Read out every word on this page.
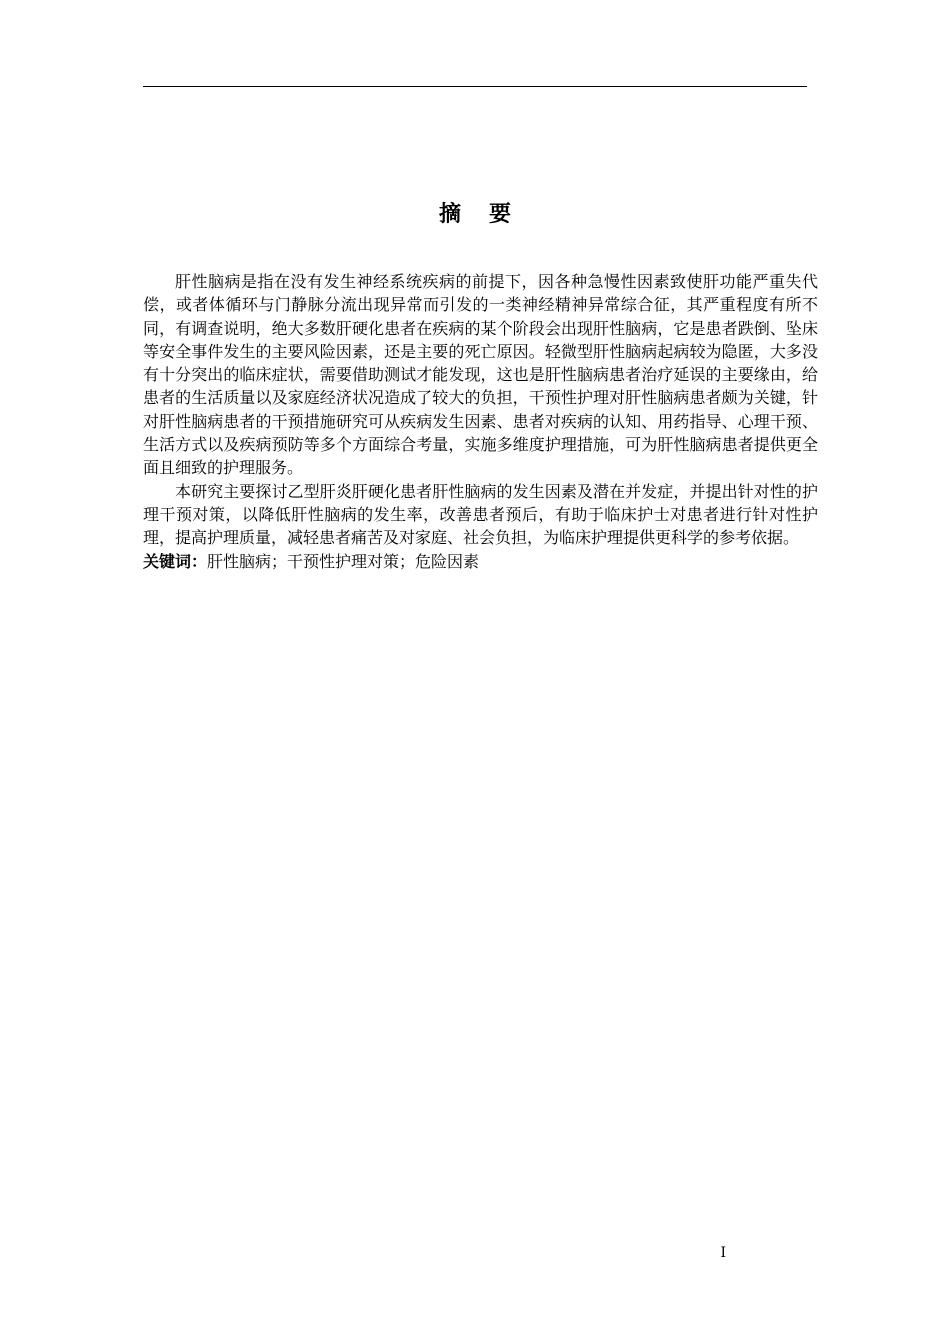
摘要

肝性脑病是指在没有发生神经系统疾病的前提下，因各种急慢性因素致使肝功能严重失代偿，或者体循环与门静脉分流出现异常而引发的一类神经精神异常综合征，其严重程度有所不同，有调查说明，绝大多数肝硬化患者在疾病的某个阶段会出现肝性脑病，它是患者跌倒、坠床等安全事件发生的主要风险因素，还是主要的死亡原因。轻微型肝性脑病起病较为隐匿，大多没有十分突出的临床症状，需要借助测试才能发现，这也是肝性脑病患者治疗延误的主要缘由，给患者的生活质量以及家庭经济状况造成了较大的负担，干预性护理对肝性脑病患者颇为关键，针对肝性脑病患者的干预措施研究可从疾病发生因素、患者对疾病的认知、用药指导、心理干预、生活方式以及疾病预防等多个方面综合考量，实施多维度护理措施，可为肝性脑病患者提供更全面且细致的护理服务。

本研究主要探讨乙型肝炎肝硬化患者肝性脑病的发生因素及潜在并发症，并提出针对性的护理干预对策，以降低肝性脑病的发生率，改善患者预后，有助于临床护士对患者进行针对性护理，提高护理质量，减轻患者痛苦及对家庭、社会负担，为临床护理提供更科学的参考依据。

关键词：肝性脑病；干预性护理对策；危险因素
I
